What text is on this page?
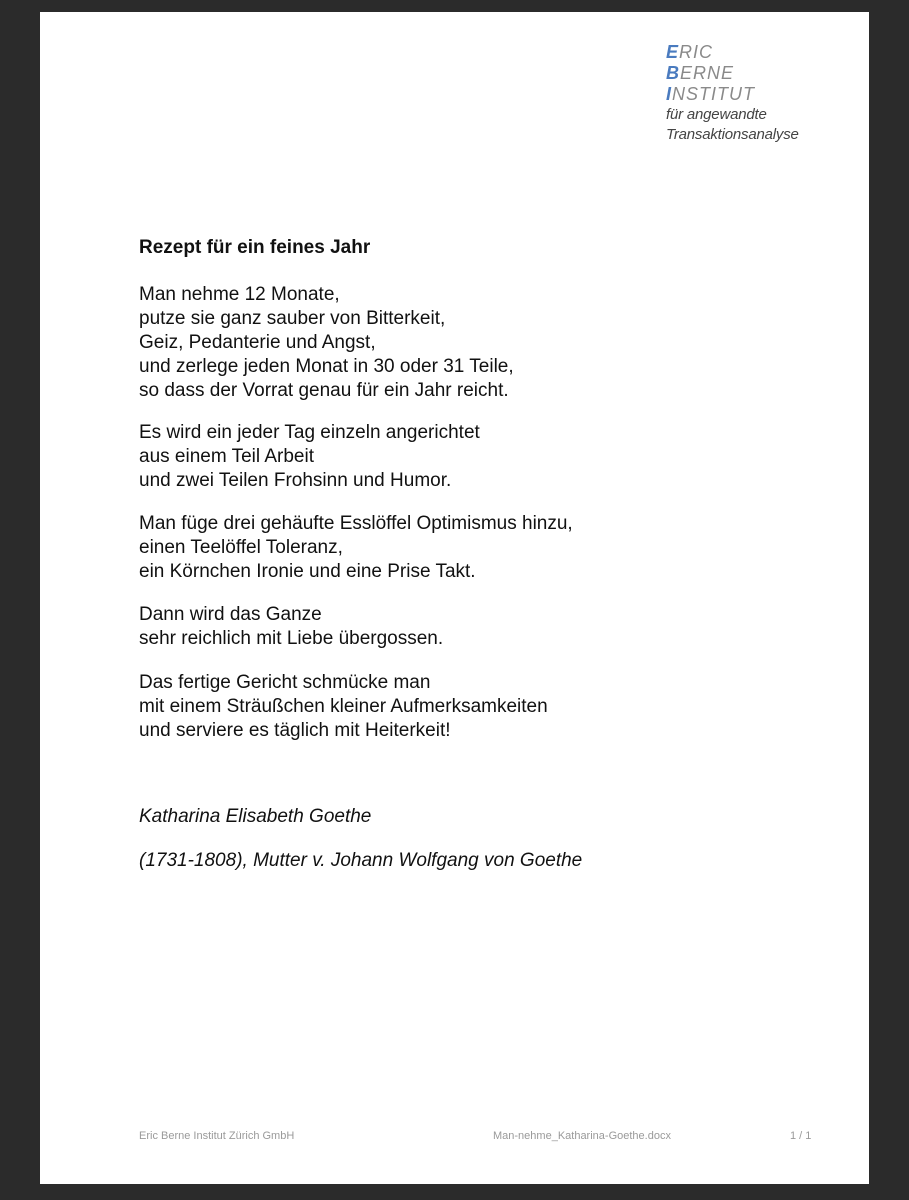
ERIC
BERNE
INSTITUT
für angewandte
Transaktionsanalyse
Rezept für ein feines Jahr
Man nehme 12 Monate,
putze sie ganz sauber von Bitterkeit,
Geiz, Pedanterie und Angst,
und zerlege jeden Monat in 30 oder 31 Teile,
so dass der Vorrat genau für ein Jahr reicht.
Es wird ein jeder Tag einzeln angerichtet
aus einem Teil Arbeit
und zwei Teilen Frohsinn und Humor.
Man füge drei gehäufte Esslöffel Optimismus hinzu,
einen Teelöffel Toleranz,
ein Körnchen Ironie und eine Prise Takt.
Dann wird das Ganze
sehr reichlich mit Liebe übergossen.
Das fertige Gericht schmücke man
mit einem Sträußchen kleiner Aufmerksamkeiten
und serviere es täglich mit Heiterkeit!
Katharina Elisabeth Goethe
(1731-1808), Mutter v. Johann Wolfgang von Goethe
Eric Berne Institut Zürich GmbH	Man-nehme_Katharina-Goethe.docx	1 / 1
